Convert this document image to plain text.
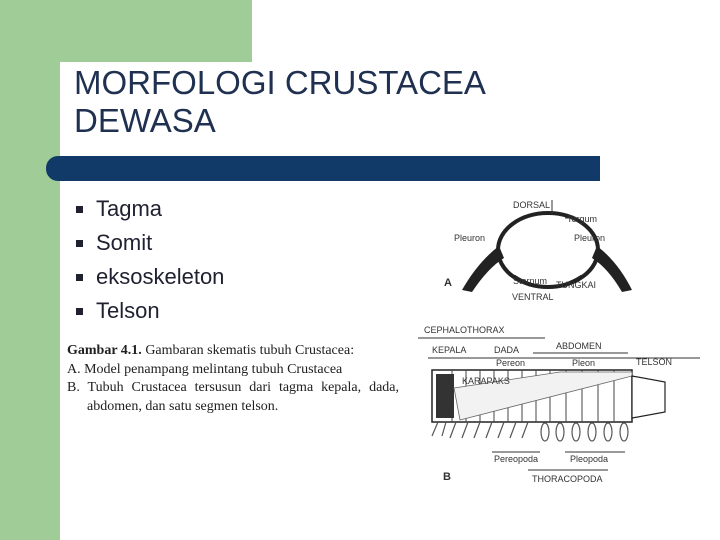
MORFOLOGI CRUSTACEA
DEWASA
Tagma
Somit
eksoskeleton
Telson

Gambar 4.1. Gambaran skematis tubuh Crustacea:

A. Model penampang melintang tubuh Crustacea

B. Tubuh Crustacea tersusun dari tagma kepala, dada, abdomen, dan satu segmen telson.

DORSAL
Tergum
Pleuron	Pleuron
Sternum TUNGKAI
VENTRAL
A
CEPHALOTHORAX
KEPALA	DADA	ABDOMEN
Pereon	Pleon	TELSON
KARAPAKS
Pereopoda	Pleopoda
THORACOPODA
B
